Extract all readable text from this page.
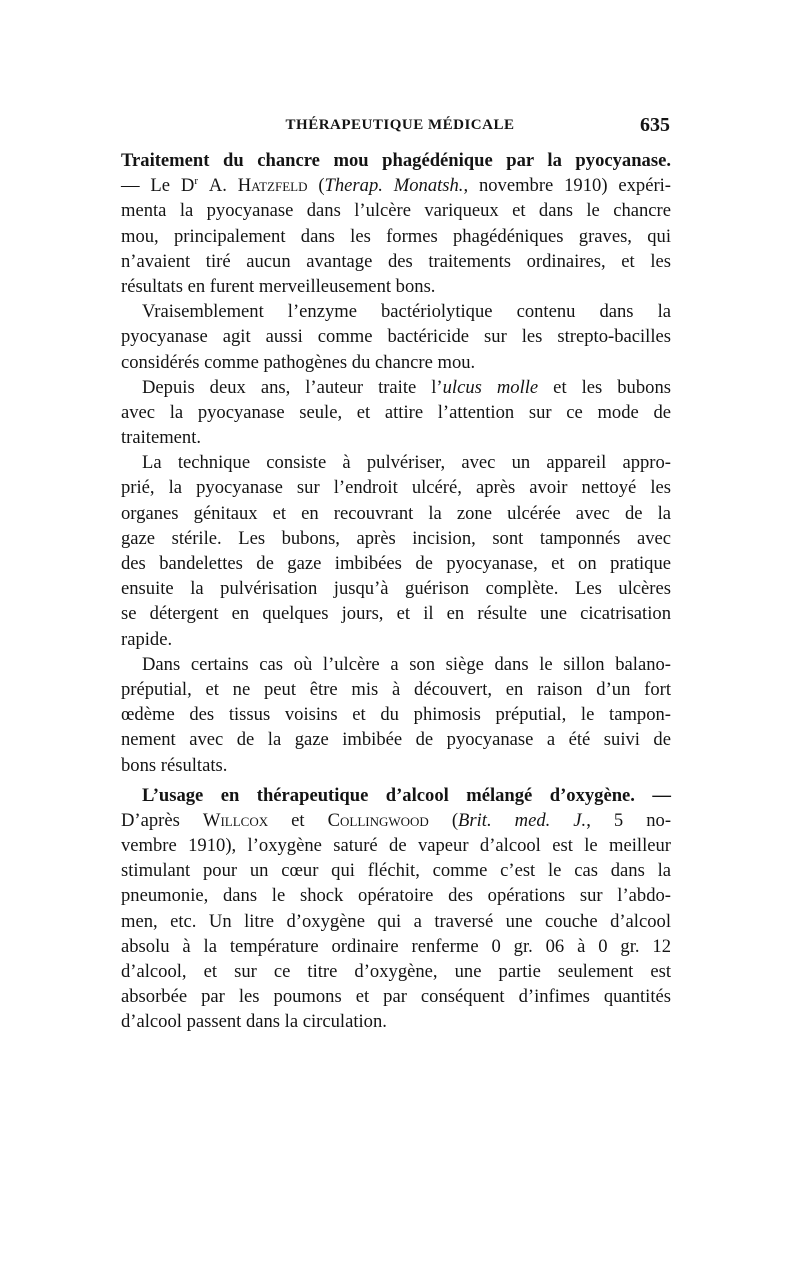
THÉRAPEUTIQUE MÉDICALE	635
Traitement du chancre mou phagédénique par la pyocyanase.
— Le $D^r$ A. Hatzfeld (Therap. Monatsh., novembre 1910) expéri-
menta la pyocyanase dans l’ulcère variqueux et dans le chancre
mou, principalement dans les formes phagédéniques graves, qui
n’avaient tiré aucun avantage des traitements ordinaires, et les
résultats en furent merveilleusement bons.
Vraisemblement l’enzyme bactériolytique contenu dans la
pyocyanase agit aussi comme bactéricide sur les strepto-bacilles
considérés comme pathogènes du chancre mou.
Depuis deux ans, l’auteur traite l’ulcus molle et les bubons
avec la pyocyanase seule, et attire l’attention sur ce mode de
traitement.
La technique consiste à pulvériser, avec un appareil appro-
prié, la pyocyanase sur l’endroit ulcéré, après avoir nettoyé les
organes génitaux et en recouvrant la zone ulcérée avec de la
gaze stérile. Les bubons, après incision, sont tamponnés avec
des bandelettes de gaze imbibées de pyocyanase, et on pratique
ensuite la pulvérisation jusqu’à guérison complète. Les ulcères
se détergent en quelques jours, et il en résulte une cicatrisation
rapide.
Dans certains cas où l’ulcère a son siège dans le sillon balano-
préputial, et ne peut être mis à découvert, en raison d’un fort
œdème des tissus voisins et du phimosis préputial, le tampon-
nement avec de la gaze imbibée de pyocyanase a été suivi de
bons résultats.
L’usage en thérapeutique d’alcool mélangé d’oxygène. —
D’après Willcox et Collingwood (Brit. med. J., 5 no-
vembre 1910), l’oxygène saturé de vapeur d’alcool est le meilleur
stimulant pour un cœur qui fléchit, comme c’est le cas dans la
pneumonie, dans le shock opératoire des opérations sur l’abdo-
men, etc. Un litre d’oxygène qui a traversé une couche d’alcool
absolu à la température ordinaire renferme 0 gr. 06 à 0 gr. 12
d’alcool, et sur ce titre d’oxygène, une partie seulement est
absorbée par les poumons et par conséquent d’infimes quantités
d’alcool passent dans la circulation.
